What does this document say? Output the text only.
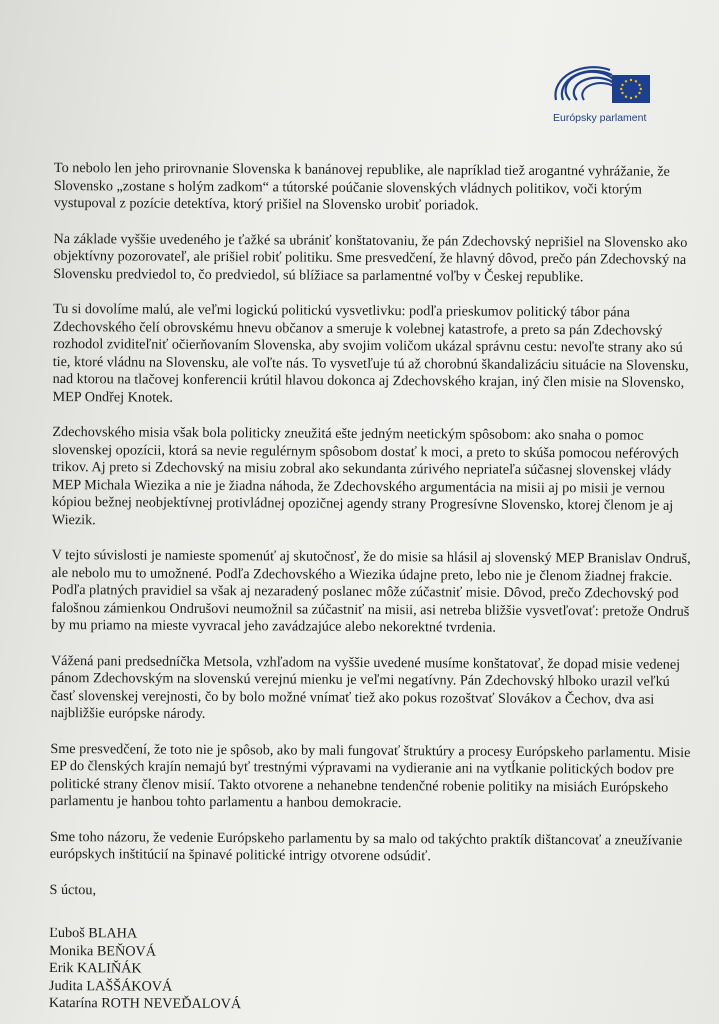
Európsky parlament

To nebolo len jeho prirovnanie Slovenska k banánovej republike, ale napríklad tiež arogantné vyhrážanie, že Slovensko „zostane s holým zadkom“ a tútorské poúčanie slovenských vládnych politikov, voči ktorým vystupoval z pozície detektíva, ktorý prišiel na Slovensko urobiť poriadok.

Na základe vyššie uvedeného je ťažké sa ubrániť konštatovaniu, že pán Zdechovský neprišiel na Slovensko ako objektívny pozorovateľ, ale prišiel robiť politiku. Sme presvedčení, že hlavný dôvod, prečo pán Zdechovský na Slovensku predviedol to, čo predviedol, sú blížiace sa parlamentné voľby v Českej republike.

Tu si dovolíme malú, ale veľmi logickú politickú vysvetlivku: podľa prieskumov politický tábor pána Zdechovského čelí obrovskému hnevu občanov a smeruje k volebnej katastrofe, a preto sa pán Zdechovský rozhodol zviditeľniť očierňovaním Slovenska, aby svojim voličom ukázal správnu cestu: nevoľte strany ako sú tie, ktoré vládnu na Slovensku, ale voľte nás. To vysvetľuje tú až chorobnú škandalizáciu situácie na Slovensku, nad ktorou na tlačovej konferencii krútil hlavou dokonca aj Zdechovského krajan, iný člen misie na Slovensko, MEP Ondřej Knotek.

Zdechovského misia však bola politicky zneužitá ešte jedným neetickým spôsobom: ako snaha o pomoc slovenskej opozícii, ktorá sa nevie regulérnym spôsobom dostať k moci, a preto to skúša pomocou neférových trikov. Aj preto si Zdechovský na misiu zobral ako sekundanta zúrivého nepriateľa súčasnej slovenskej vlády MEP Michala Wiezika a nie je žiadna náhoda, že Zdechovského argumentácia na misii aj po misii je vernou kópiou bežnej neobjektívnej protivládnej opozičnej agendy strany Progresívne Slovensko, ktorej členom je aj Wiezik.

V tejto súvislosti je namieste spomenúť aj skutočnosť, že do misie sa hlásil aj slovenský MEP Branislav Ondruš, ale nebolo mu to umožnené. Podľa Zdechovského a Wiezika údajne preto, lebo nie je členom žiadnej frakcie. Podľa platných pravidiel sa však aj nezaradený poslanec môže zúčastniť misie. Dôvod, prečo Zdechovský pod falošnou zámienkou Ondrušovi neumožnil sa zúčastniť na misii, asi netreba bližšie vysvetľovať: pretože Ondruš by mu priamo na mieste vyvracal jeho zavádzajúce alebo nekorektné tvrdenia.

Vážená pani predsedníčka Metsola, vzhľadom na vyššie uvedené musíme konštatovať, že dopad misie vedenej pánom Zdechovským na slovenskú verejnú mienku je veľmi negatívny. Pán Zdechovský hlboko urazil veľkú časť slovenskej verejnosti, čo by bolo možné vnímať tiež ako pokus rozoštvať Slovákov a Čechov, dva asi najbližšie európske národy.

Sme presvedčení, že toto nie je spôsob, ako by mali fungovať štruktúry a procesy Európskeho parlamentu. Misie EP do členských krajín nemajú byť trestnými výpravami na vydieranie ani na vytĺkanie politických bodov pre politické strany členov misií. Takto otvorene a nehanebne tendenčné robenie politiky na misiách Európskeho parlamentu je hanbou tohto parlamentu a hanbou demokracie.

Sme toho názoru, že vedenie Európskeho parlamentu by sa malo od takýchto praktík dištancovať a zneužívanie európskych inštitúcií na špinavé politické intrigy otvorene odsúdiť.

S úctou,

Ľuboš BLAHA
Monika BEŇOVÁ
Erik KALIŇÁK
Judita LAŠŠÁKOVÁ
Katarína ROTH NEVEĎALOVÁ
